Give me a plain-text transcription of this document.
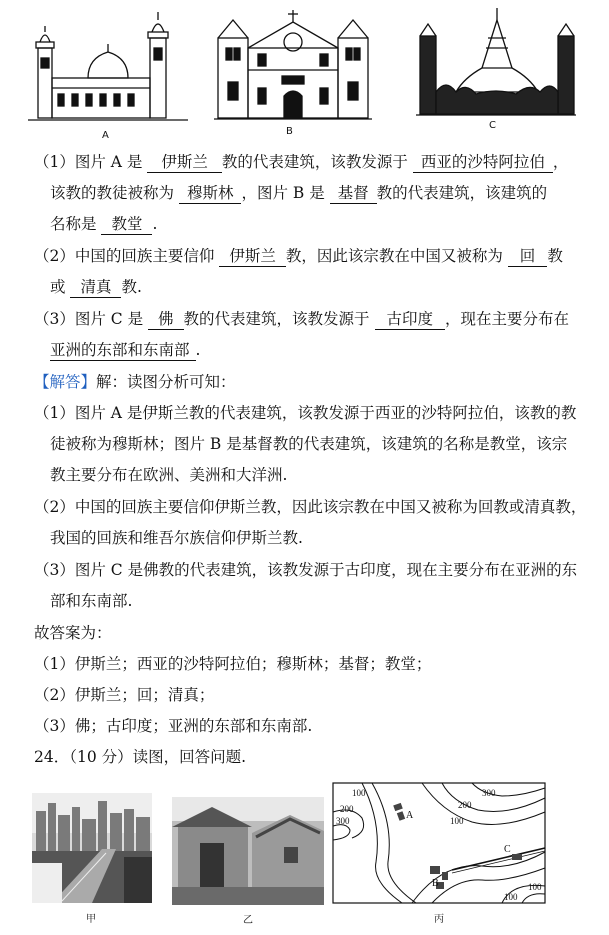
A	B
C
（1）图片 A 是 伊斯兰 教的代表建筑，该教发源于 西亚的沙特阿拉伯 ，
该教的教徒被称为 穆斯林 ，图片 B 是 基督 教的代表建筑，该建筑的
名称是 教堂 .
（2）中国的回族主要信仰 伊斯兰 教，因此该宗教在中国又被称为 回 教
或 清真 教.
（3）图片 C 是 佛 教的代表建筑，该教发源于 古印度 ，现在主要分布在
亚洲的东部和东南部 .
【解答】解：读图分析可知：
（1）图片 A 是伊斯兰教的代表建筑，该教发源于西亚的沙特阿拉伯，该教的教
徒被称为穆斯林；图片 B 是基督教的代表建筑，该建筑的名称是教堂，该宗
教主要分布在欧洲、美洲和大洋洲.
（2）中国的回族主要信仰伊斯兰教，因此该宗教在中国又被称为回教或清真教，
我国的回族和维吾尔族信仰伊斯兰教.
（3）图片 C 是佛教的代表建筑，该教发源于古印度，现在主要分布在亚洲的东
部和东南部.
故答案为：
（1）伊斯兰；西亚的沙特阿拉伯；穆斯林；基督；教堂；
（2）伊斯兰；回；清真；
（3）佛；古印度；亚洲的东部和东南部.
24．（10 分）读图，回答问题.
甲	乙
100
200
300
300
100
200
100
100
A
B
C
丙
